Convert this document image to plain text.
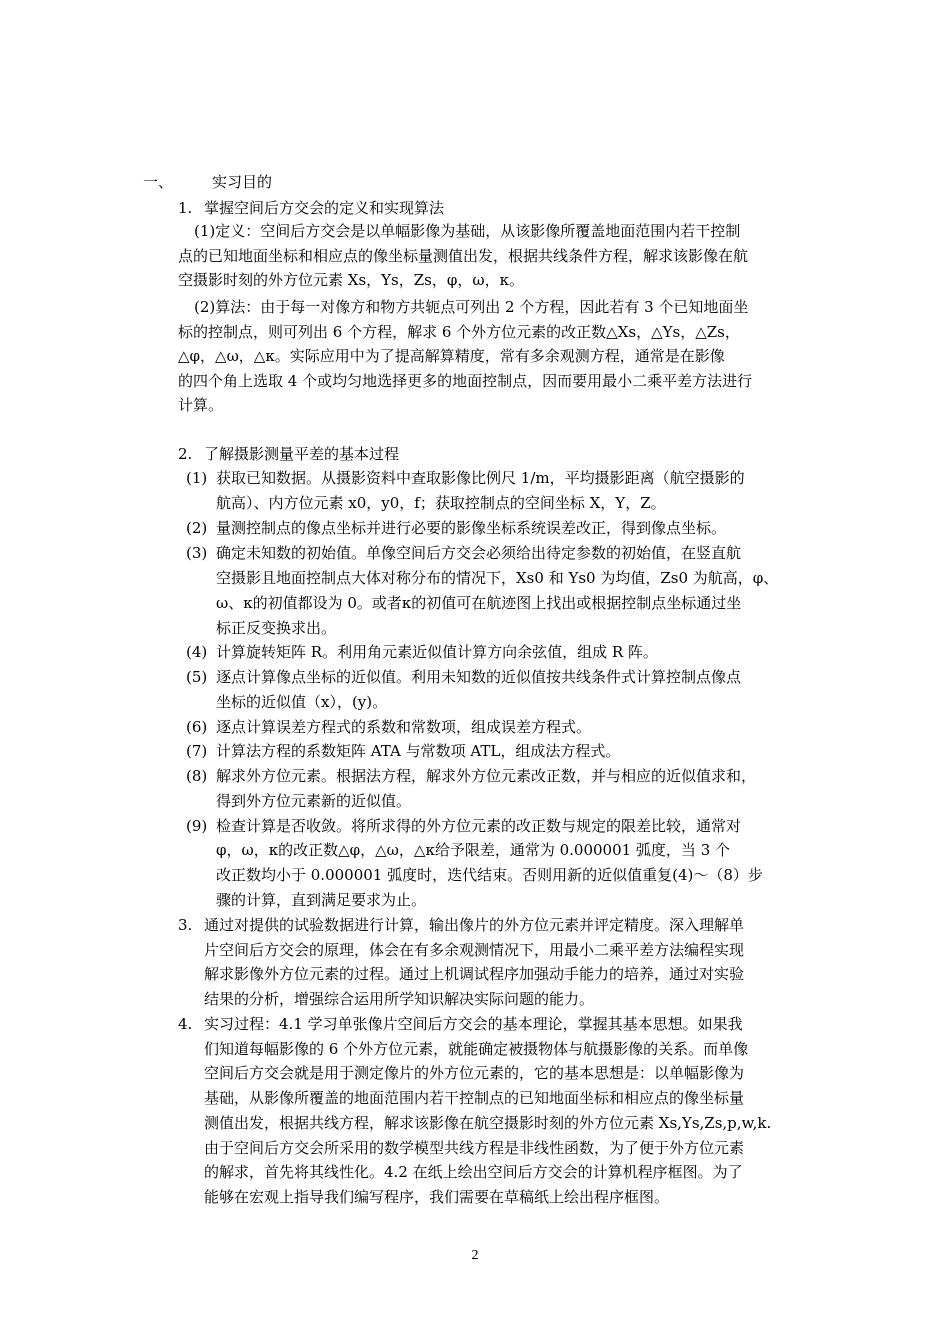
一、	实习目的
1. 掌握空间后方交会的定义和实现算法
(1)定义：空间后方交会是以单幅影像为基础，从该影像所覆盖地面范围内若干控制
点的已知地面坐标和相应点的像坐标量测值出发，根据共线条件方程，解求该影像在航
空摄影时刻的外方位元素 Xs，Ys，Zs，φ，ω，κ。
(2)算法：由于每一对像方和物方共轭点可列出 2 个方程，因此若有 3 个已知地面坐
标的控制点，则可列出 6 个方程，解求 6 个外方位元素的改正数△Xs，△Ys，△Zs，
△φ，△ω，△κ。实际应用中为了提高解算精度，常有多余观测方程，通常是在影像
的四个角上选取 4 个或均匀地选择更多的地面控制点，因而要用最小二乘平差方法进行
计算。
2. 了解摄影测量平差的基本过程
(1) 获取已知数据。从摄影资料中查取影像比例尺 1/m，平均摄影距离（航空摄影的
航高）、内方位元素 x0，y0，f；获取控制点的空间坐标 X，Y，Z。
(2) 量测控制点的像点坐标并进行必要的影像坐标系统误差改正，得到像点坐标。
(3) 确定未知数的初始值。单像空间后方交会必须给出待定参数的初始值，在竖直航
空摄影且地面控制点大体对称分布的情况下，Xs0 和 Ys0 为均值，Zs0 为航高，φ、
ω、κ的初值都设为 0。或者κ的初值可在航迹图上找出或根据控制点坐标通过坐
标正反变换求出。
(4) 计算旋转矩阵 R。利用角元素近似值计算方向余弦值，组成 R 阵。
(5) 逐点计算像点坐标的近似值。利用未知数的近似值按共线条件式计算控制点像点
坐标的近似值（x），(y)。
(6) 逐点计算误差方程式的系数和常数项，组成误差方程式。
(7) 计算法方程的系数矩阵 ATA 与常数项 ATL，组成法方程式。
(8) 解求外方位元素。根据法方程，解求外方位元素改正数，并与相应的近似值求和，
得到外方位元素新的近似值。
(9) 检查计算是否收敛。将所求得的外方位元素的改正数与规定的限差比较，通常对
φ，ω，κ的改正数△φ，△ω，△κ给予限差，通常为 0.000001 弧度，当 3 个
改正数均小于 0.000001 弧度时，迭代结束。否则用新的近似值重复(4)～（8）步
骤的计算，直到满足要求为止。
3. 通过对提供的试验数据进行计算，输出像片的外方位元素并评定精度。深入理解单
片空间后方交会的原理，体会在有多余观测情况下，用最小二乘平差方法编程实现
解求影像外方位元素的过程。通过上机调试程序加强动手能力的培养，通过对实验
结果的分析，增强综合运用所学知识解决实际问题的能力。
4. 实习过程：4.1 学习单张像片空间后方交会的基本理论，掌握其基本思想。如果我
们知道每幅影像的 6 个外方位元素，就能确定被摄物体与航摄影像的关系。而单像
空间后方交会就是用于测定像片的外方位元素的，它的基本思想是：以单幅影像为
基础，从影像所覆盖的地面范围内若干控制点的已知地面坐标和相应点的像坐标量
测值出发，根据共线方程，解求该影像在航空摄影时刻的外方位元素 Xs,Ys,Zs,p,w,k.
由于空间后方交会所采用的数学模型共线方程是非线性函数，为了便于外方位元素
的解求，首先将其线性化。4.2 在纸上绘出空间后方交会的计算机程序框图。为了
能够在宏观上指导我们编写程序，我们需要在草稿纸上绘出程序框图。
2
